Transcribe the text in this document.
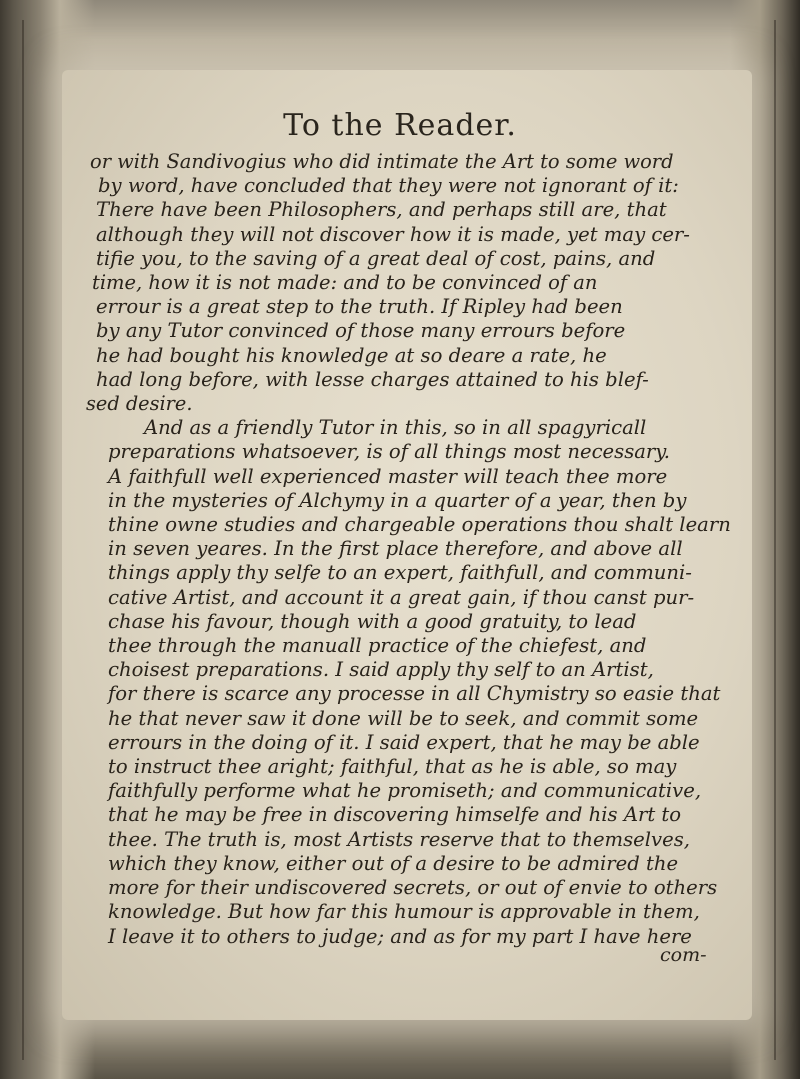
To the Reader.

or with Sandivogius who did intimate the Art to some word
by word, have concluded that they were not ignorant of it:
There have been Philosophers, and perhaps still are, that
although they will not discover how it is made, yet may cer-
tifie you, to the saving of a great deal of cost, pains, and
time, how it is not made: and to be convinced of an
errour is a great step to the truth. If Ripley had been
by any Tutor convinced of those many errours before
he had bought his knowledge at so deare a rate, he
had long before, with lesse charges attained to his blef-
sed desire.

And as a friendly Tutor in this, so in all spagyricall
preparations whatsoever, is of all things most necessary.
A faithfull well experienced master will teach thee more
in the mysteries of Alchymy in a quarter of a year, then by
thine owne studies and chargeable operations thou shalt learn
in seven yeares. In the first place therefore, and above all
things apply thy selfe to an expert, faithfull, and communi-
cative Artist, and account it a great gain, if thou canst pur-
chase his favour, though with a good gratuity, to lead
thee through the manuall practice of the chiefest, and
choisest preparations. I said apply thy self to an Artist,
for there is scarce any processe in all Chymistry so easie that
he that never saw it done will be to seek, and commit some
errours in the doing of it. I said expert, that he may be able
to instruct thee aright; faithful, that as he is able, so may
faithfully performe what he promiseth; and communicative,
that he may be free in discovering himselfe and his Art to
thee. The truth is, most Artists reserve that to themselves,
which they know, either out of a desire to be admired the
more for their undiscovered secrets, or out of envie to others
knowledge. But how far this humour is approvable in them,
I leave it to others to judge; and as for my part I have here

com-
